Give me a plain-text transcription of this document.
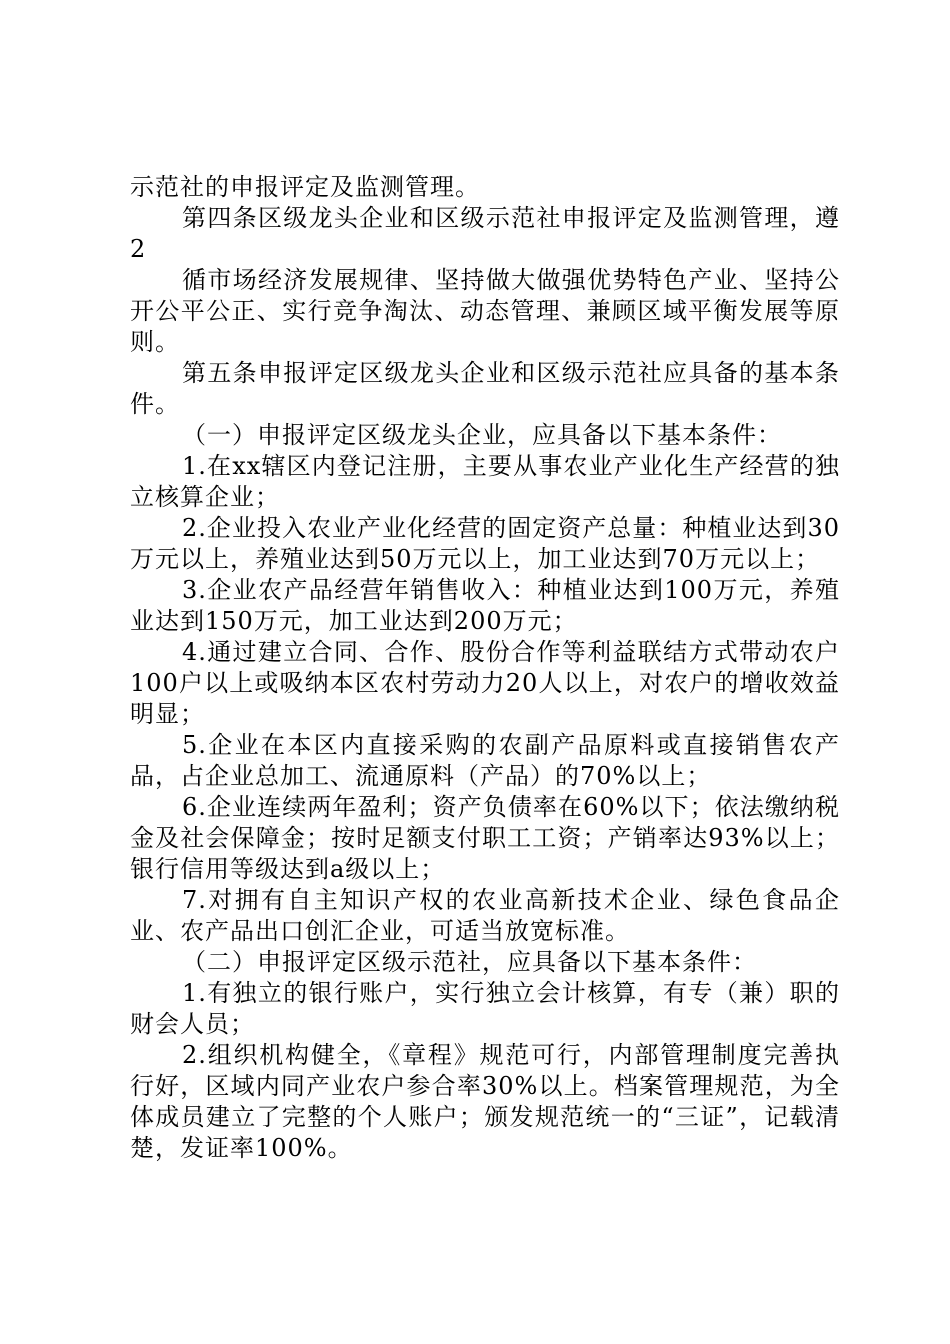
示范社的申报评定及监测管理。

第四条区级龙头企业和区级示范社申报评定及监测管理，遵2

循市场经济发展规律、坚持做大做强优势特色产业、坚持公开公平公正、实行竞争淘汰、动态管理、兼顾区域平衡发展等原则。

第五条申报评定区级龙头企业和区级示范社应具备的基本条件。

（一）申报评定区级龙头企业，应具备以下基本条件：

1.在xx辖区内登记注册，主要从事农业产业化生产经营的独立核算企业；

2.企业投入农业产业化经营的固定资产总量：种植业达到30万元以上，养殖业达到50万元以上，加工业达到70万元以上；

3.企业农产品经营年销售收入：种植业达到100万元，养殖业达到150万元，加工业达到200万元；

4.通过建立合同、合作、股份合作等利益联结方式带动农户100户以上或吸纳本区农村劳动力20人以上，对农户的增收效益明显；

5.企业在本区内直接采购的农副产品原料或直接销售农产品，占企业总加工、流通原料（产品）的70%以上；

6.企业连续两年盈利；资产负债率在60%以下；依法缴纳税金及社会保障金；按时足额支付职工工资；产销率达93%以上；银行信用等级达到a级以上；

7.对拥有自主知识产权的农业高新技术企业、绿色食品企业、农产品出口创汇企业，可适当放宽标准。

（二）申报评定区级示范社，应具备以下基本条件：

1.有独立的银行账户，实行独立会计核算，有专（兼）职的财会人员；

2.组织机构健全，《章程》规范可行，内部管理制度完善执行好，区域内同产业农户参合率30%以上。档案管理规范，为全体成员建立了完整的个人账户；颁发规范统一的“三证”，记载清楚，发证率100%。
